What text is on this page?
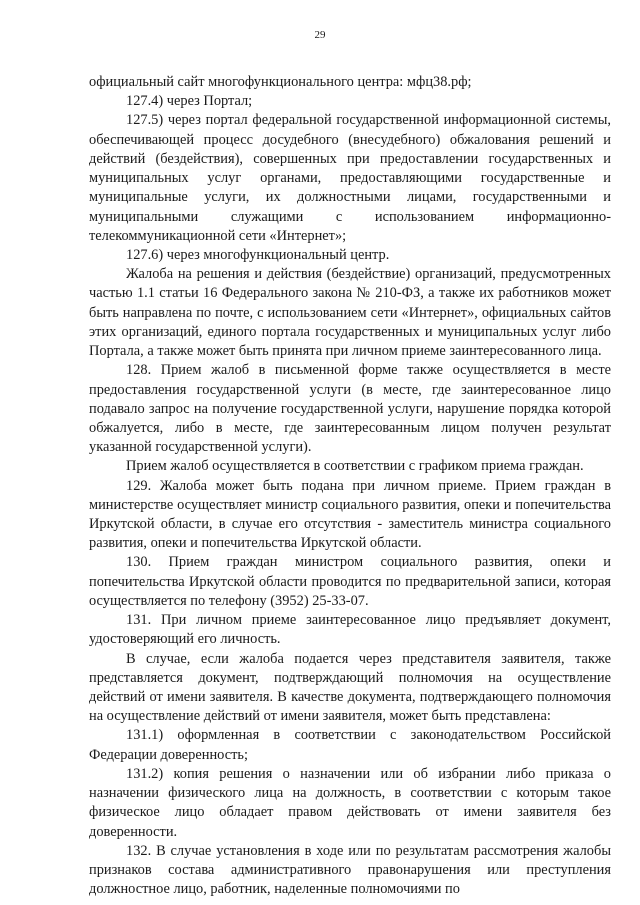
29

официальный сайт многофункционального центра: мфц38.рф;

127.4) через Портал;

127.5) через портал федеральной государственной информационной системы, обеспечивающей процесс досудебного (внесудебного) обжалования решений и действий (бездействия), совершенных при предоставлении государственных и муниципальных услуг органами, предоставляющими государственные и муниципальные услуги, их должностными лицами, государственными и муниципальными служащими с использованием информационно-телекоммуникационной сети «Интернет»;

127.6) через многофункциональный центр.

Жалоба на решения и действия (бездействие) организаций, предусмотренных частью 1.1 статьи 16 Федерального закона № 210-ФЗ, а также их работников может быть направлена по почте, с использованием сети «Интернет», официальных сайтов этих организаций, единого портала государственных и муниципальных услуг либо Портала, а также может быть принята при личном приеме заинтересованного лица.

128. Прием жалоб в письменной форме также осуществляется в месте предоставления государственной услуги (в месте, где заинтересованное лицо подавало запрос на получение государственной услуги, нарушение порядка которой обжалуется, либо в месте, где заинтересованным лицом получен результат указанной государственной услуги).

Прием жалоб осуществляется в соответствии с графиком приема граждан.

129. Жалоба может быть подана при личном приеме. Прием граждан в министерстве осуществляет министр социального развития, опеки и попечительства Иркутской области, в случае его отсутствия - заместитель министра социального развития, опеки и попечительства Иркутской области.

130. Прием граждан министром социального развития, опеки и попечительства Иркутской области проводится по предварительной записи, которая осуществляется по телефону (3952) 25-33-07.

131. При личном приеме заинтересованное лицо предъявляет документ, удостоверяющий его личность.

В случае, если жалоба подается через представителя заявителя, также представляется документ, подтверждающий полномочия на осуществление действий от имени заявителя. В качестве документа, подтверждающего полномочия на осуществление действий от имени заявителя, может быть представлена:

131.1) оформленная в соответствии с законодательством Российской Федерации доверенность;

131.2) копия решения о назначении или об избрании либо приказа о назначении физического лица на должность, в соответствии с которым такое физическое лицо обладает правом действовать от имени заявителя без доверенности.

132. В случае установления в ходе или по результатам рассмотрения жалобы признаков состава административного правонарушения или преступления должностное лицо, работник, наделенные полномочиями по
